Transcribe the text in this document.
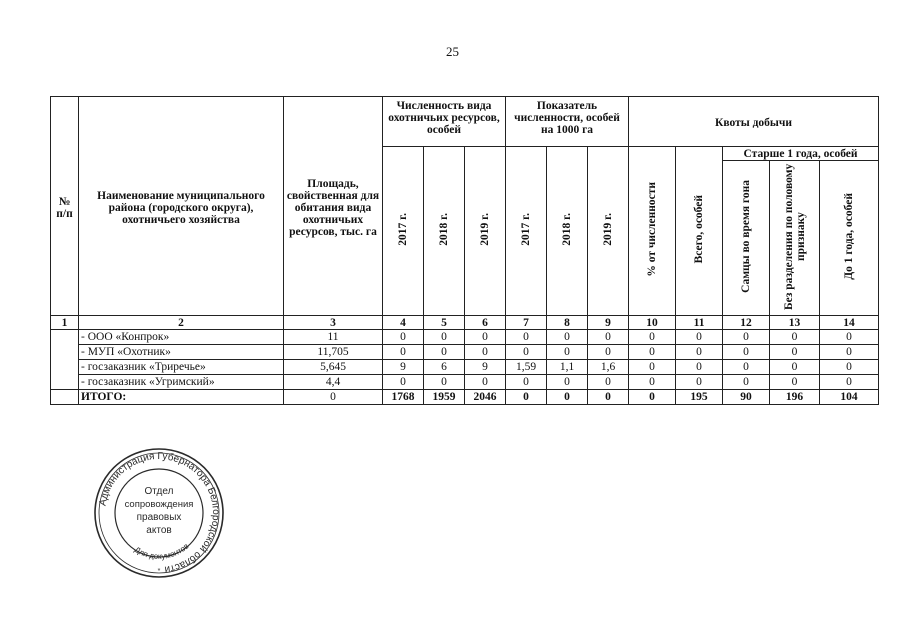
25
№ п/п	Наименование муниципального района (городского округа), охотничьего хозяйства	Площадь, свойственная для обитания вида охотничьих ресурсов, тыс. га	Численность вида охотничьих ресурсов, особей			Показатель численности, особей на 1000 га			Квоты добычи				
			2017 г.	2018 г.	2019 г.	2017 г.	2018 г.	2019 г.	% от численности	Всего, особей	Старше 1 года, особей		
											Самцы во время гона	Без разделения по половому признаку	До 1 года, особей
1	2	3	4	5	6	7	8	9	10	11	12	13	14
	- ООО «Конпрок»	11	0	0	0	0	0	0	0	0	0	0	0
	- МУП «Охотник»	11,705	0	0	0	0	0	0	0	0	0	0	0
	- госзаказник «Триречье»	5,645	9	6	9	1,59	1,1	1,6	0	0	0	0	0
	- госзаказник «Угримский»	4,4	0	0	0	0	0	0	0	0	0	0	0
	ИТОГО:	0	1768	1959	2046	0	0	0	0	195	90	196	104
Администрация Губернатора Белгородской области
Для документов
Отдел
сопровождения
правовых
актов
*
